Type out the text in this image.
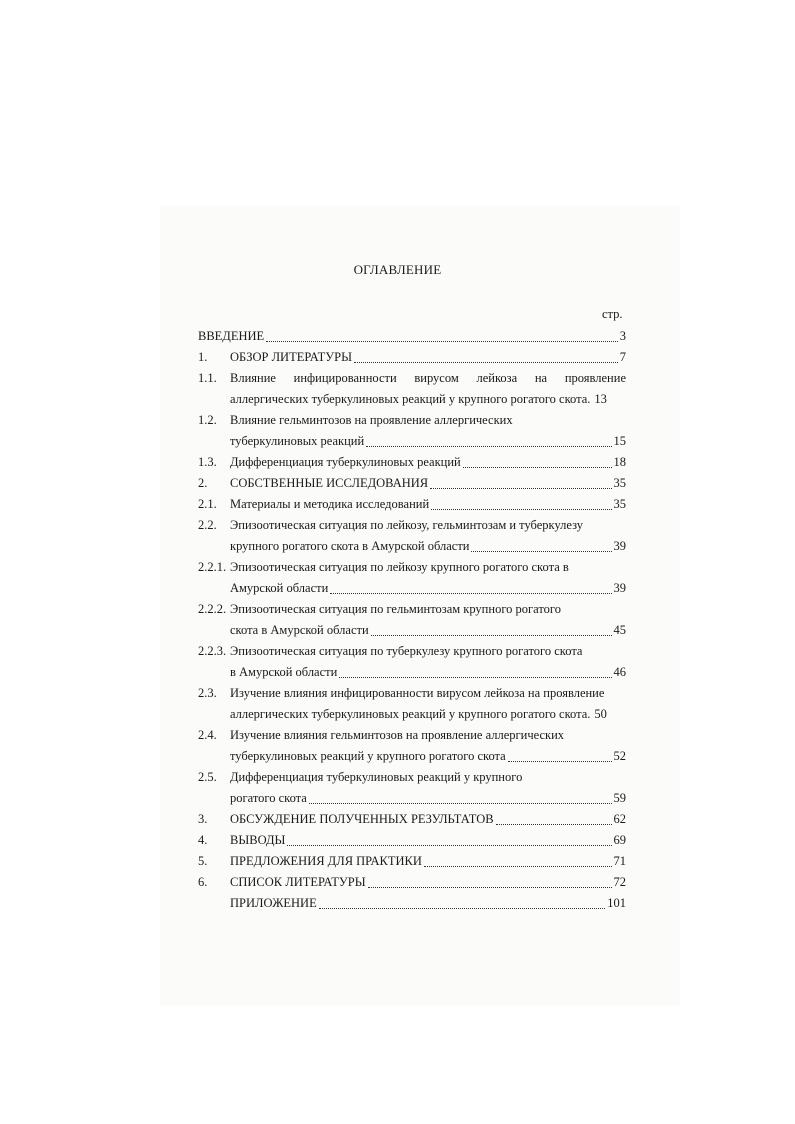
ОГЛАВЛЕНИЕ
стр.
ВВЕДЕНИЕ	3
1.	ОБЗОР ЛИТЕРАТУРЫ	7
1.1.	Влияние инфицированности вирусом лейкоза на проявление
аллергических туберкулиновых реакций у крупного рогатого скота. 13
1.2.	Влияние гельминтозов на проявление аллергических
туберкулиновых реакций	15
1.3.	Дифференциация туберкулиновых реакций	18
2.	СОБСТВЕННЫЕ ИССЛЕДОВАНИЯ	35
2.1.	Материалы и методика исследований	35
2.2.	Эпизоотическая ситуация по лейкозу, гельминтозам и туберкулезу
крупного рогатого скота в Амурской области	39
2.2.1. Эпизоотическая ситуация по лейкозу крупного рогатого скота в
Амурской области	39
2.2.2. Эпизоотическая ситуация по гельминтозам крупного рогатого
скота в Амурской области	45
2.2.3. Эпизоотическая ситуация по туберкулезу крупного рогатого скота
в Амурской области	46
2.3.	Изучение влияния инфицированности вирусом лейкоза на проявление
аллергических туберкулиновых реакций у крупного рогатого скота. 50
2.4.	Изучение влияния гельминтозов на проявление аллергических
туберкулиновых реакций у крупного рогатого скота	52
2.5.	Дифференциация туберкулиновых реакций у крупного
рогатого скота	59
3.	ОБСУЖДЕНИЕ ПОЛУЧЕННЫХ РЕЗУЛЬТАТОВ	62
4.	ВЫВОДЫ	69
5.	ПРЕДЛОЖЕНИЯ ДЛЯ ПРАКТИКИ	71
6.	СПИСОК ЛИТЕРАТУРЫ	72
ПРИЛОЖЕНИЕ	101
